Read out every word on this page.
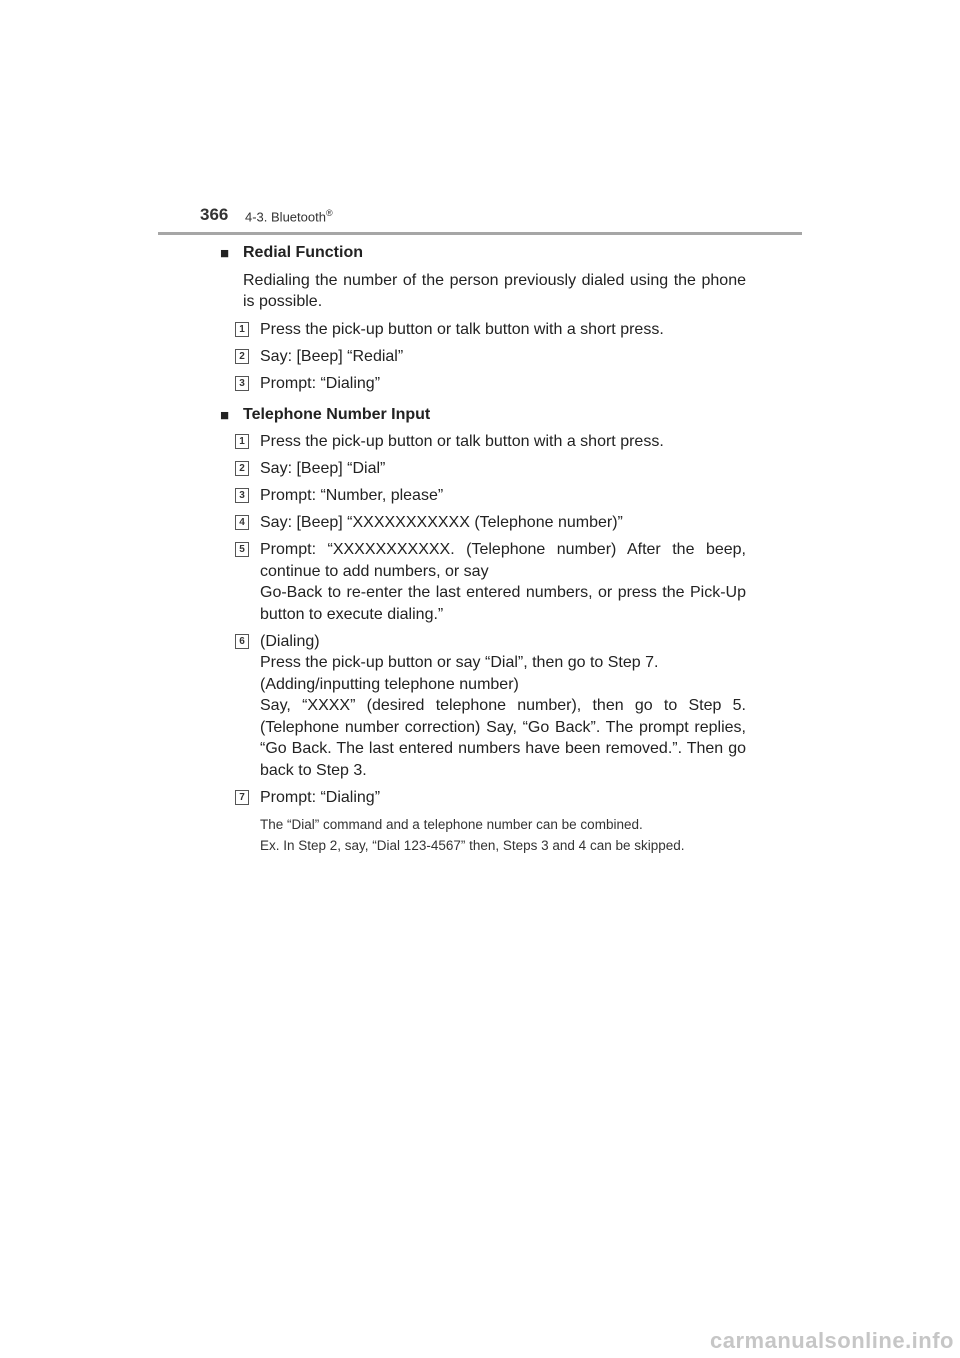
366 4-3. Bluetooth®
■ Redial Function

Redialing the number of the person previously dialed using the phone is possible.

1 Press the pick-up button or talk button with a short press.

2 Say: [Beep] “Redial”

3 Prompt: “Dialing”

■ Telephone Number Input
1 Press the pick-up button or talk button with a short press.

2 Say: [Beep] “Dial”

3 Prompt: “Number, please”

4 Say: [Beep] “XXXXXXXXXXX (Telephone number)”

5 Prompt: “XXXXXXXXXXX. (Telephone number) After the beep, continue to add numbers, or say

Go-Back to re-enter the last entered numbers, or press the Pick-Up button to execute dialing.”

6 (Dialing)

Press the pick-up button or say “Dial”, then go to Step 7.

(Adding/inputting telephone number)

Say, “XXXX” (desired telephone number), then go to Step 5. (Telephone number correction) Say, “Go Back”. The prompt replies, “Go Back. The last entered numbers have been removed.”. Then go back to Step 3.

7 Prompt: “Dialing”

The “Dial” command and a telephone number can be combined.

Ex. In Step 2, say, “Dial 123-4567” then, Steps 3 and 4 can be skipped.

carmanualsonline.info
